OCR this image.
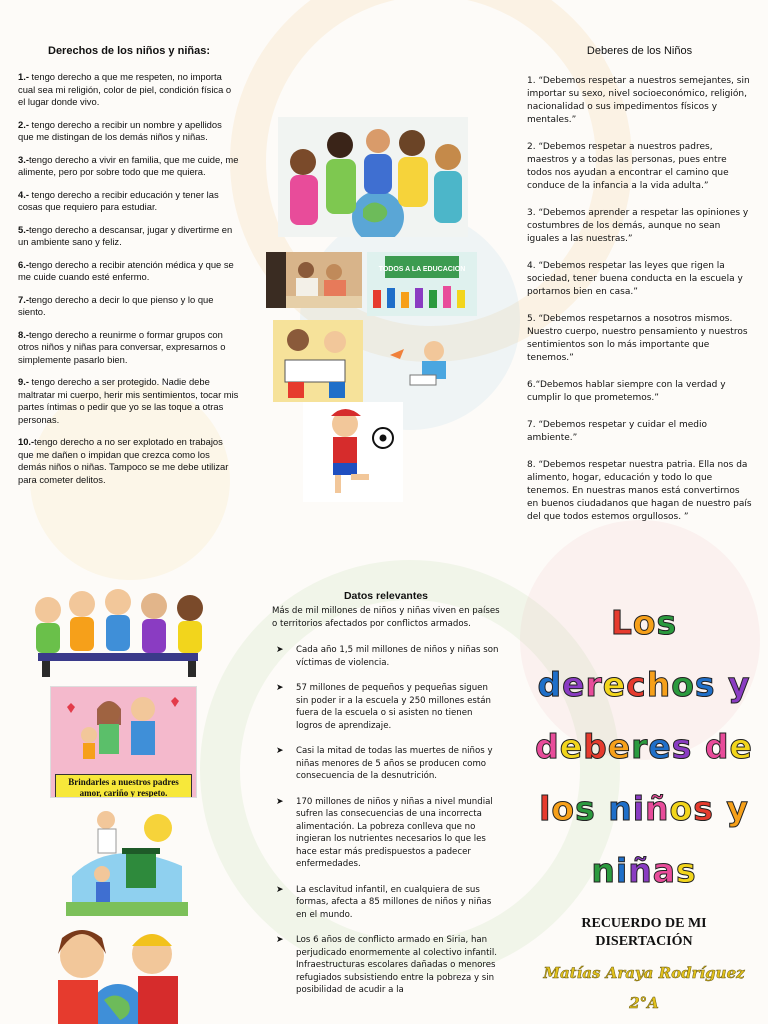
Derechos de los niños y niñas:

1.- tengo derecho a que me respeten, no importa cual sea mi religión, color de piel, condición física o el lugar donde vivo.

2.- tengo derecho a recibir un nombre y apellidos que me distingan de los demás niños y niñas.

3.-tengo derecho a vivir en familia, que me cuide, me alimente, pero por sobre todo que me quiera.

4.- tengo derecho a recibir educación y tener las cosas que requiero para estudiar.

5.-tengo derecho a descansar, jugar y divertirme en un ambiente sano y feliz.

6.-tengo derecho a recibir atención médica y que se me cuide cuando esté enfermo.

7.-tengo derecho a decir lo que pienso y lo que siento.

8.-tengo derecho a reunirme o formar grupos con otros niños y niñas para conversar, expresarnos o simplemente pasarlo bien.

9.- tengo derecho a ser protegido. Nadie debe maltratar mi cuerpo, herir mis sentimientos, tocar mis partes íntimas o pedir que yo se las toque a otras personas.

10.-tengo derecho a no ser explotado en trabajos que me dañen o impidan que crezca como los demás niños o niñas. Tampoco se me debe utilizar para cometer delitos.

TODOS A LA EDUCACION
Deberes de los Niños

1. “Debemos respetar a nuestros semejantes, sin importar su sexo, nivel socioeconómico, religión, nacionalidad o sus impedimentos físicos y mentales.”

2. “Debemos respetar a nuestros padres, maestros y a todas las personas, pues entre todos nos ayudan a encontrar el camino que conduce de la infancia a la vida adulta.”

3. “Debemos aprender a respetar las opiniones y costumbres de los demás, aunque no sean iguales a las nuestras.”

4. “Debemos respetar las leyes que rigen la sociedad, tener buena conducta en la escuela y portarnos bien en casa.”

5. “Debemos respetarnos a nosotros mismos. Nuestro cuerpo, nuestro pensamiento y nuestros sentimientos son lo más importante que tenemos.”

6.“Debemos hablar siempre con la verdad y cumplir lo que prometemos.”

7. “Debemos respetar y cuidar el medio ambiente.”

8. “Debemos respetar nuestra patria. Ella nos da alimento, hogar, educación y todo lo que tenemos. En nuestras manos está convertirnos en buenos ciudadanos que hagan de nuestro país del que todos estemos orgullosos. ”

Brindarles a nuestros padres amor, cariño y respeto.
Datos relevantes
Más de mil millones de niños y niñas viven en países o territorios afectados por conflictos armados.
➤ Cada año 1,5 mil millones de niños y niñas son víctimas de violencia.
➤ 57 millones de pequeños y pequeñas siguen sin poder ir a la escuela y 250 millones están fuera de la escuela o si asisten no tienen logros de aprendizaje.
➤ Casi la mitad de todas las muertes de niños y niñas menores de 5 años se producen como consecuencia de la desnutrición.
➤ 170 millones de niños y niñas a nivel mundial sufren las consecuencias de una incorrecta alimentación. La pobreza conlleva que no ingieran los nutrientes necesarios lo que les hace estar más predispuestos a padecer enfermedades.
➤ La esclavitud infantil, en cualquiera de sus formas, afecta a 85 millones de niños y niñas en el mundo.
➤ Los 6 años de conflicto armado en Siria, han perjudicado enormemente al colectivo infantil. Infraestructuras escolares dañadas o menores refugiados subsistiendo entre la pobreza y sin posibilidad de acudir a la
Los
derechos y
deberes de
los niños y
niñas
RECUERDO DE MI
DISERTACIÓN
Matías Araya Rodríguez
2°A
